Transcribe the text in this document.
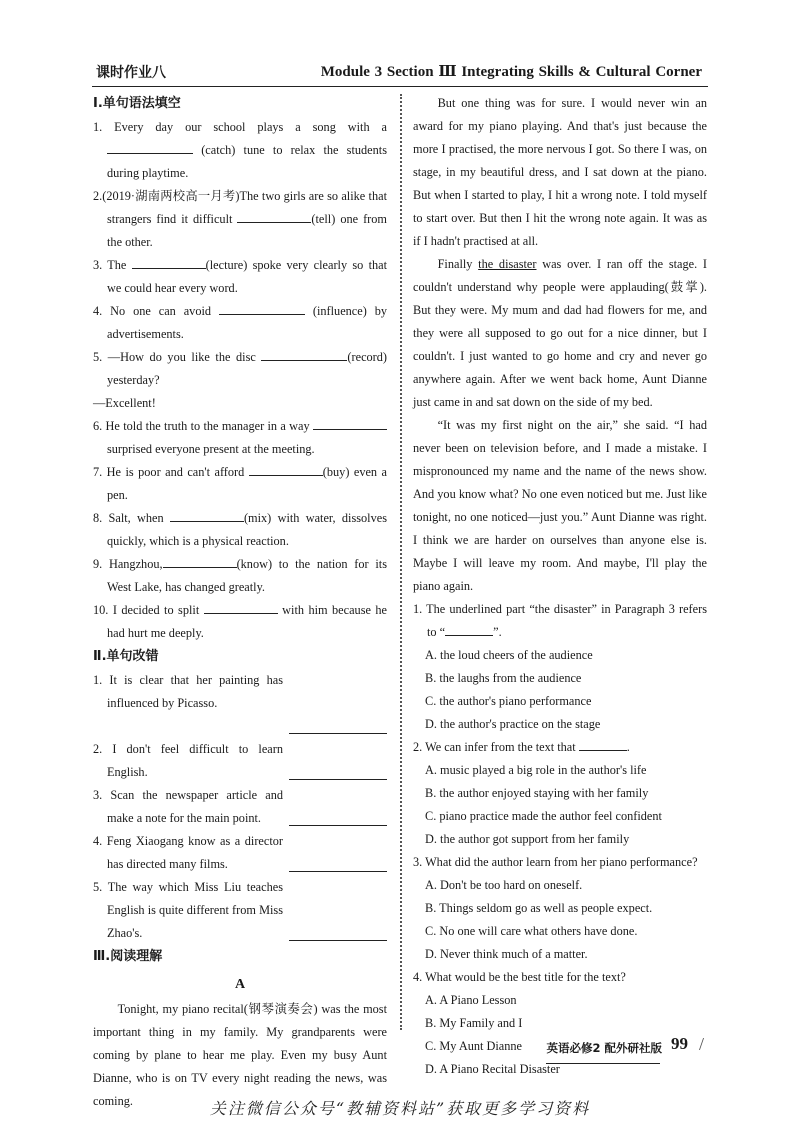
课时作业八	Module 3 Section Ⅲ Integrating Skills & Cultural Corner

Ⅰ.单句语法填空

1. Every day our school plays a song with a  (catch) tune to relax the students during playtime.

2.(2019·湖南两校高一月考)The two girls are so alike that strangers find it difficult	(tell) one from the other.

3. The	(lecture) spoke very clearly so that we could hear every word.

4. No one can avoid	(influence) by advertisements.

5. —How do you like the disc	(record) yesterday?

—Excellent!

6. He told the truth to the manager in a way  surprised everyone present at the meeting.

7. He is poor and can't afford	(buy) even a pen.

8. Salt, when	(mix) with water, dissolves quickly, which is a physical reaction.

9. Hangzhou,	(know) to the nation for its West Lake, has changed greatly.

10. I decided to split	with him because he had hurt me deeply.

Ⅱ.单句改错

1. It is clear that her painting has influenced by Picasso.

2. I don't feel difficult to learn English.

3. Scan the newspaper article and make a note for the main point.

4. Feng Xiaogang know as a director has directed many films.

5. The way which Miss Liu teaches English is quite different from Miss Zhao's.

Ⅲ.阅读理解

A

Tonight, my piano recital(钢琴演奏会) was the most important thing in my family. My grandparents were coming by plane to hear me play. Even my busy Aunt Dianne, who is on TV every night reading the news, was coming.

But one thing was for sure. I would never win an award for my piano playing. And that's just because the more I practised, the more nervous I got. So there I was, on stage, in my beautiful dress, and I sat down at the piano. But when I started to play, I hit a wrong note. I told myself to start over. But then I hit the wrong note again. It was as if I hadn't practised at all.

Finally the disaster was over. I ran off the stage. I couldn't understand why people were applauding(鼓掌). But they were. My mum and dad had flowers for me, and they were all supposed to go out for a nice dinner, but I couldn't. I just wanted to go home and cry and never go anywhere again. After we went back home, Aunt Dianne just came in and sat down on the side of my bed.

“It was my first night on the air,” she said. “I had never been on television before, and I made a mistake. I mispronounced my name and the name of the news show. And you know what? No one even noticed but me. Just like tonight, no one noticed—just you.” Aunt Dianne was right. I think we are harder on ourselves than anyone else is. Maybe I will leave my room. And maybe, I'll play the piano again.

1. The underlined part “the disaster” in Paragraph 3 refers to “	”.

A. the loud cheers of the audience

B. the laughs from the audience

C. the author's piano performance

D. the author's practice on the stage

2. We can infer from the text that	.

A. music played a big role in the author's life

B. the author enjoyed staying with her family

C. piano practice made the author feel confident

D. the author got support from her family

3. What did the author learn from her piano performance?

A. Don't be too hard on oneself.

B. Things seldom go as well as people expect.

C. No one will care what others have done.

D. Never think much of a matter.

4. What would be the best title for the text?

A. A Piano Lesson

B. My Family and I

C. My Aunt Dianne

D. A Piano Recital Disaster

英语必修2 配外研社版 99 /
关注微信公众号“教辅资料站”获取更多学习资料
